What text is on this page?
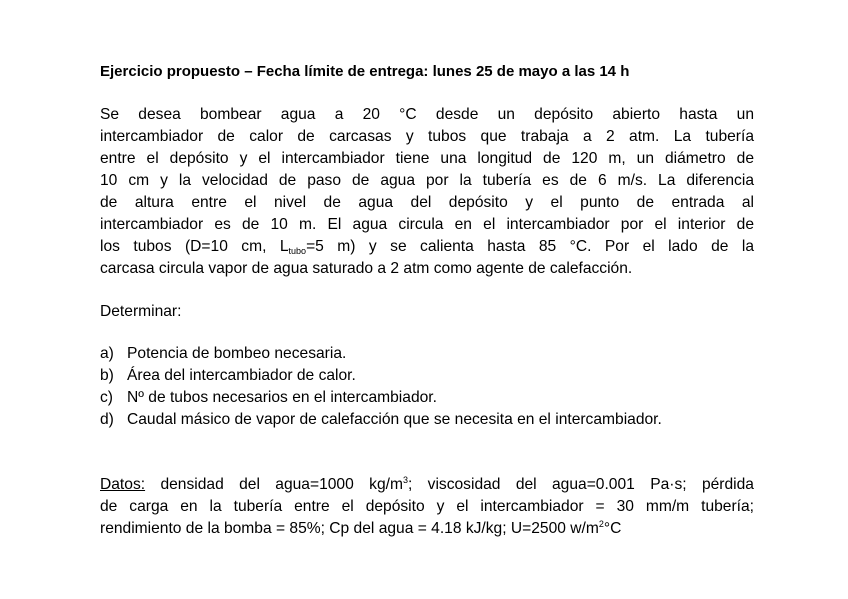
Ejercicio propuesto – Fecha límite de entrega: lunes 25 de mayo a las 14 h

Se desea bombear agua a 20 °C desde un depósito abierto hasta un
intercambiador de calor de carcasas y tubos que trabaja a 2 atm. La tubería
entre el depósito y el intercambiador tiene una longitud de 120 m, un diámetro de
10 cm y la velocidad de paso de agua por la tubería es de 6 m/s. La diferencia
de altura entre el nivel de agua del depósito y el punto de entrada al
intercambiador es de 10 m. El agua circula en el intercambiador por el interior de
los tubos (D=10 cm, $L_{tubo}=5$ m) y se calienta hasta 85 °C. Por el lado de la
carcasa circula vapor de agua saturado a 2 atm como agente de calefacción.
Determinar:
a) Potencia de bombeo necesaria.
b) Área del intercambiador de calor.
c) Nº de tubos necesarios en el intercambiador.
d) Caudal másico de vapor de calefacción que se necesita en el intercambiador.
Datos: densidad del agua=1000 $kg/m^3$; viscosidad del agua=0.001 Pa·s; pérdida
de carga en la tubería entre el depósito y el intercambiador = 30 mm/m tubería;
rendimiento de la bomba = 85%; Cp del agua = 4.18 kJ/kg; U=2500 $w/m^2^\circ C$
